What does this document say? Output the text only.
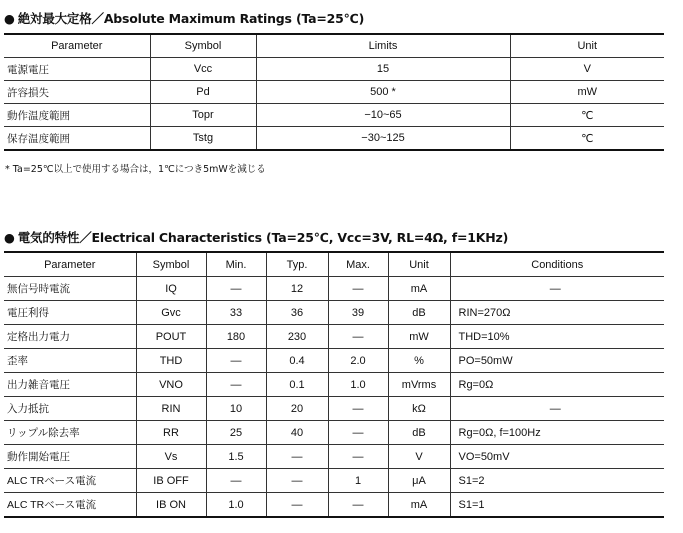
● 絶対最大定格／Absolute Maximum Ratings (Ta=25℃)
Parameter	Symbol	Limits	Unit
電源電圧	Vcc	15	V
許容損失	Pd	500 *	mW
動作温度範囲	Topr	−10~65	℃
保存温度範囲	Tstg	−30~125	℃
* Ta=25℃以上で使用する場合は，1℃につき5mWを減じる
● 電気的特性／Electrical Characteristics (Ta=25℃, Vcc=3V, RL=4Ω, f=1KHz)
Parameter	Symbol	Min.	Typ.	Max.	Unit	Conditions
無信号時電流	IQ	—	12	—	mA	—
電圧利得	Gvc	33	36	39	dB	RIN=270Ω
定格出力電力	POUT	180	230	—	mW	THD=10%
歪率	THD	—	0.4	2.0	%	PO=50mW
出力雑音電圧	VNO	—	0.1	1.0	mVrms	Rg=0Ω
入力抵抗	RIN	10	20	—	kΩ	—
リップル除去率	RR	25	40	—	dB	Rg=0Ω, f=100Hz
動作開始電圧	Vs	1.5	—	—	V	VO=50mV
ALC TRベース電流	IB OFF	—	—	1	μA	S1=2
ALC TRベース電流	IB ON	1.0	—	—	mA	S1=1
